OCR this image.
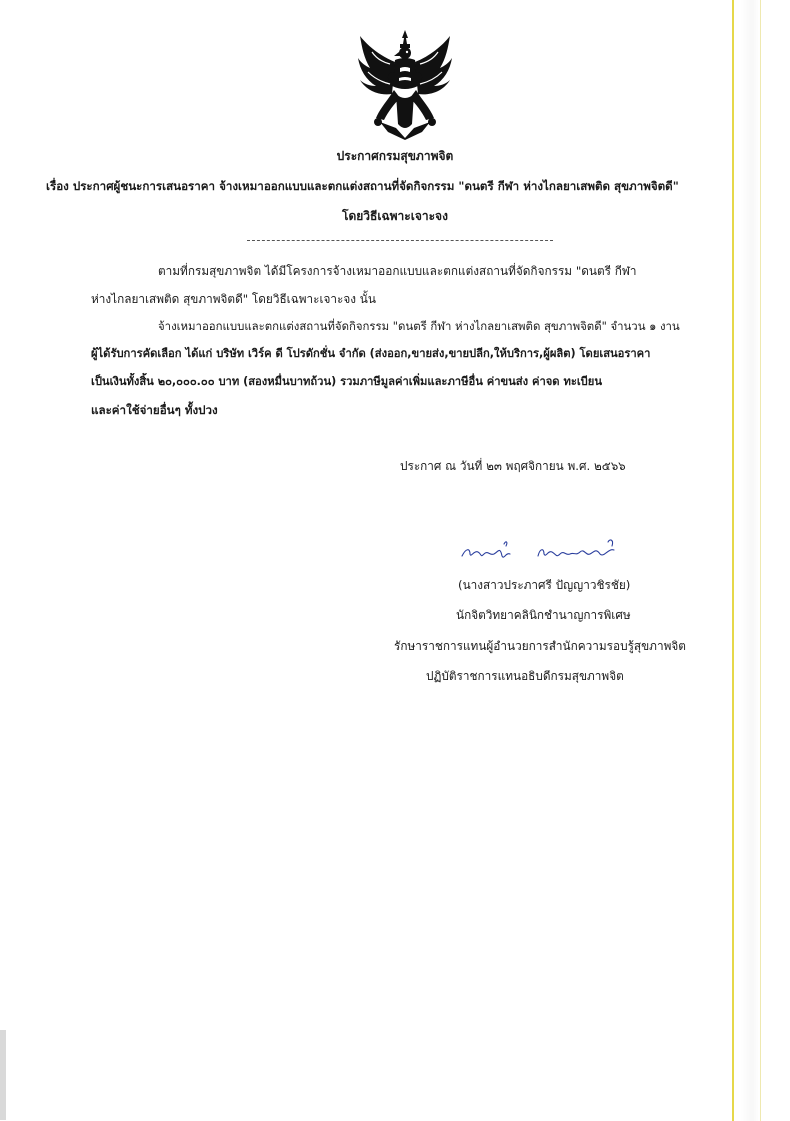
ประกาศกรมสุขภาพจิต
เรื่อง ประกาศผู้ชนะการเสนอราคา จ้างเหมาออกแบบและตกแต่งสถานที่จัดกิจกรรม "ดนตรี กีฬา ห่างไกลยาเสพติด สุขภาพจิตดี"
โดยวิธีเฉพาะเจาะจง
ตามที่กรมสุขภาพจิต ได้มีโครงการจ้างเหมาออกแบบและตกแต่งสถานที่จัดกิจกรรม "ดนตรี กีฬา
ห่างไกลยาเสพติด สุขภาพจิตดี" โดยวิธีเฉพาะเจาะจง นั้น
จ้างเหมาออกแบบและตกแต่งสถานที่จัดกิจกรรม "ดนตรี กีฬา ห่างไกลยาเสพติด สุขภาพจิตดี" จำนวน ๑ งาน
ผู้ได้รับการคัดเลือก ได้แก่ บริษัท เวิร์ค ดี โปรดักชั่น จำกัด (ส่งออก,ขายส่ง,ขายปลีก,ให้บริการ,ผู้ผลิต) โดยเสนอราคา
เป็นเงินทั้งสิ้น ๒๐,๐๐๐.๐๐ บาท (สองหมื่นบาทถ้วน) รวมภาษีมูลค่าเพิ่มและภาษีอื่น ค่าขนส่ง ค่าจด ทะเบียน
และค่าใช้จ่ายอื่นๆ ทั้งปวง
ประกาศ ณ วันที่ ๒๓ พฤศจิกายน พ.ศ. ๒๕๖๖
(นางสาวประภาศรี ปัญญาวชิรชัย)
นักจิตวิทยาคลินิกชำนาญการพิเศษ
รักษาราชการแทนผู้อำนวยการสำนักความรอบรู้สุขภาพจิต
ปฏิบัติราชการแทนอธิบดีกรมสุขภาพจิต
